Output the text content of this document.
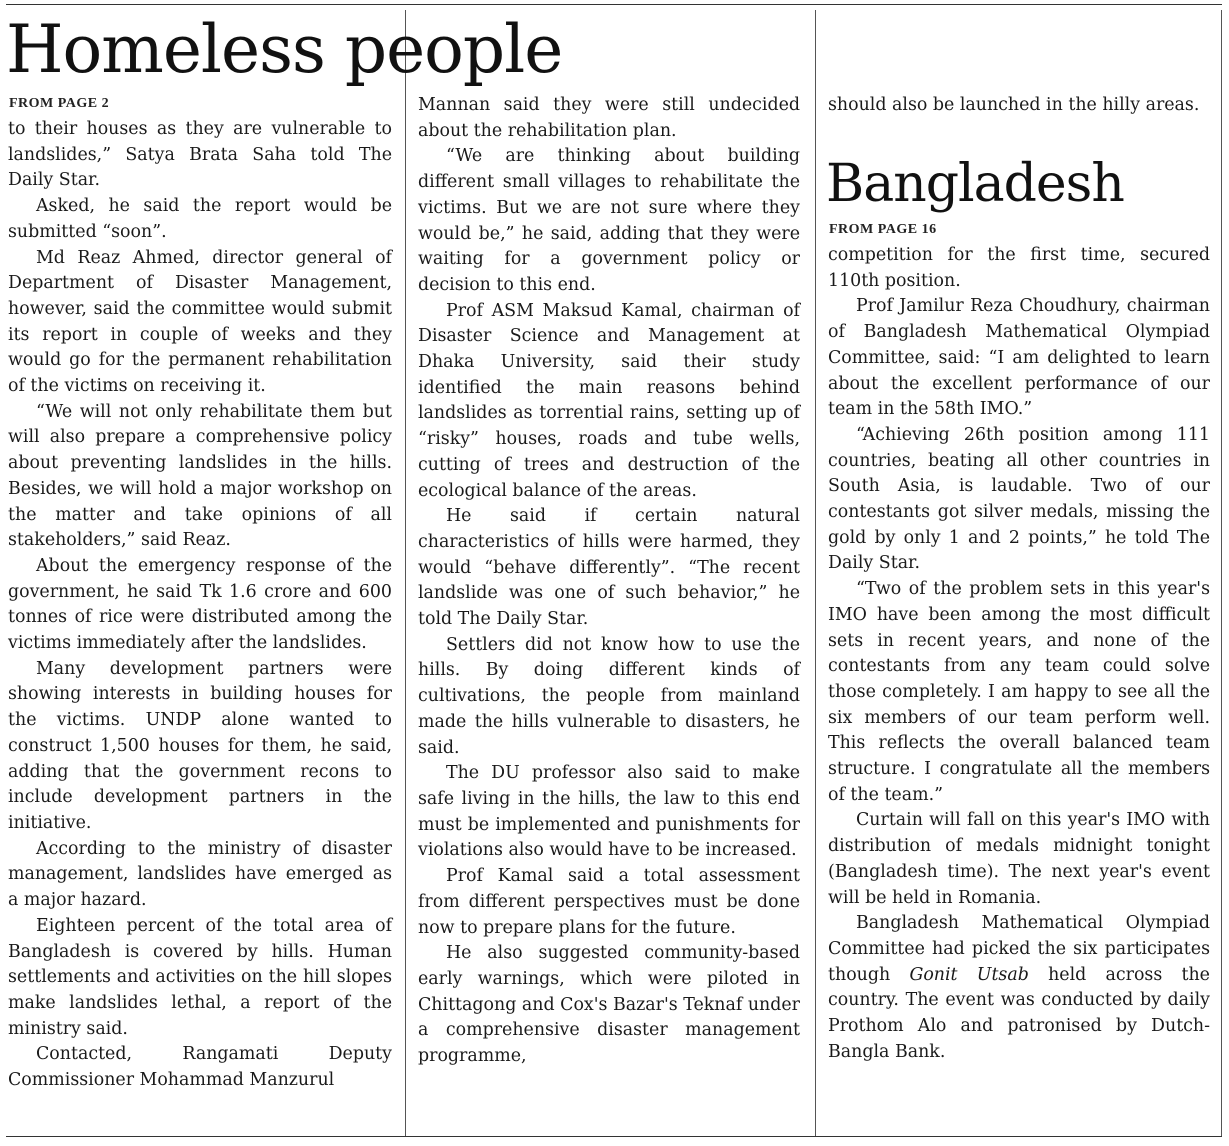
Homeless people
FROM PAGE 2

to their houses as they are vulnerable to landslides,” Satya Brata Saha told The Daily Star.

Asked, he said the report would be submitted “soon”.

Md Reaz Ahmed, director general of Department of Disaster Management, however, said the committee would submit its report in couple of weeks and they would go for the permanent rehabilitation of the victims on receiving it.

“We will not only rehabilitate them but will also prepare a comprehensive policy about preventing landslides in the hills. Besides, we will hold a major workshop on the matter and take opinions of all stakeholders,” said Reaz.

About the emergency response of the government, he said Tk 1.6 crore and 600 tonnes of rice were distributed among the victims immediately after the landslides.

Many development partners were showing interests in building houses for the victims. UNDP alone wanted to construct 1,500 houses for them, he said, adding that the government recons to include development partners in the initiative.

According to the ministry of disaster management, landslides have emerged as a major hazard.

Eighteen percent of the total area of Bangladesh is covered by hills. Human settlements and activities on the hill slopes make landslides lethal, a report of the ministry said.

Contacted, Rangamati Deputy Commissioner Mohammad Manzurul

Mannan said they were still undecided about the rehabilitation plan.

“We are thinking about building different small villages to rehabilitate the victims. But we are not sure where they would be,” he said, adding that they were waiting for a government policy or decision to this end.

Prof ASM Maksud Kamal, chairman of Disaster Science and Management at Dhaka University, said their study identified the main reasons behind landslides as torrential rains, setting up of “risky” houses, roads and tube wells, cutting of trees and destruction of the ecological balance of the areas.

He said if certain natural characteristics of hills were harmed, they would “behave differently”. “The recent landslide was one of such behavior,” he told The Daily Star.

Settlers did not know how to use the hills. By doing different kinds of cultivations, the people from mainland made the hills vulnerable to disasters, he said.

The DU professor also said to make safe living in the hills, the law to this end must be implemented and punishments for violations also would have to be increased.

Prof Kamal said a total assessment from different perspectives must be done now to prepare plans for the future.

He also suggested community-based early warnings, which were piloted in Chittagong and Cox's Bazar's Teknaf under a comprehensive disaster management programme,

should also be launched in the hilly areas.

Bangladesh
FROM PAGE 16

competition for the first time, secured 110th position.

Prof Jamilur Reza Choudhury, chairman of Bangladesh Mathematical Olympiad Committee, said: “I am delighted to learn about the excellent performance of our team in the 58th IMO.”

“Achieving 26th position among 111 countries, beating all other countries in South Asia, is laudable. Two of our contestants got silver medals, missing the gold by only 1 and 2 points,” he told The Daily Star.

“Two of the problem sets in this year's IMO have been among the most difficult sets in recent years, and none of the contestants from any team could solve those completely. I am happy to see all the six members of our team perform well. This reflects the overall balanced team structure. I congratulate all the members of the team.”

Curtain will fall on this year's IMO with distribution of medals midnight tonight (Bangladesh time). The next year's event will be held in Romania.

Bangladesh Mathematical Olympiad Committee had picked the six participates though Gonit Utsab held across the country. The event was conducted by daily Prothom Alo and patronised by Dutch-Bangla Bank.
